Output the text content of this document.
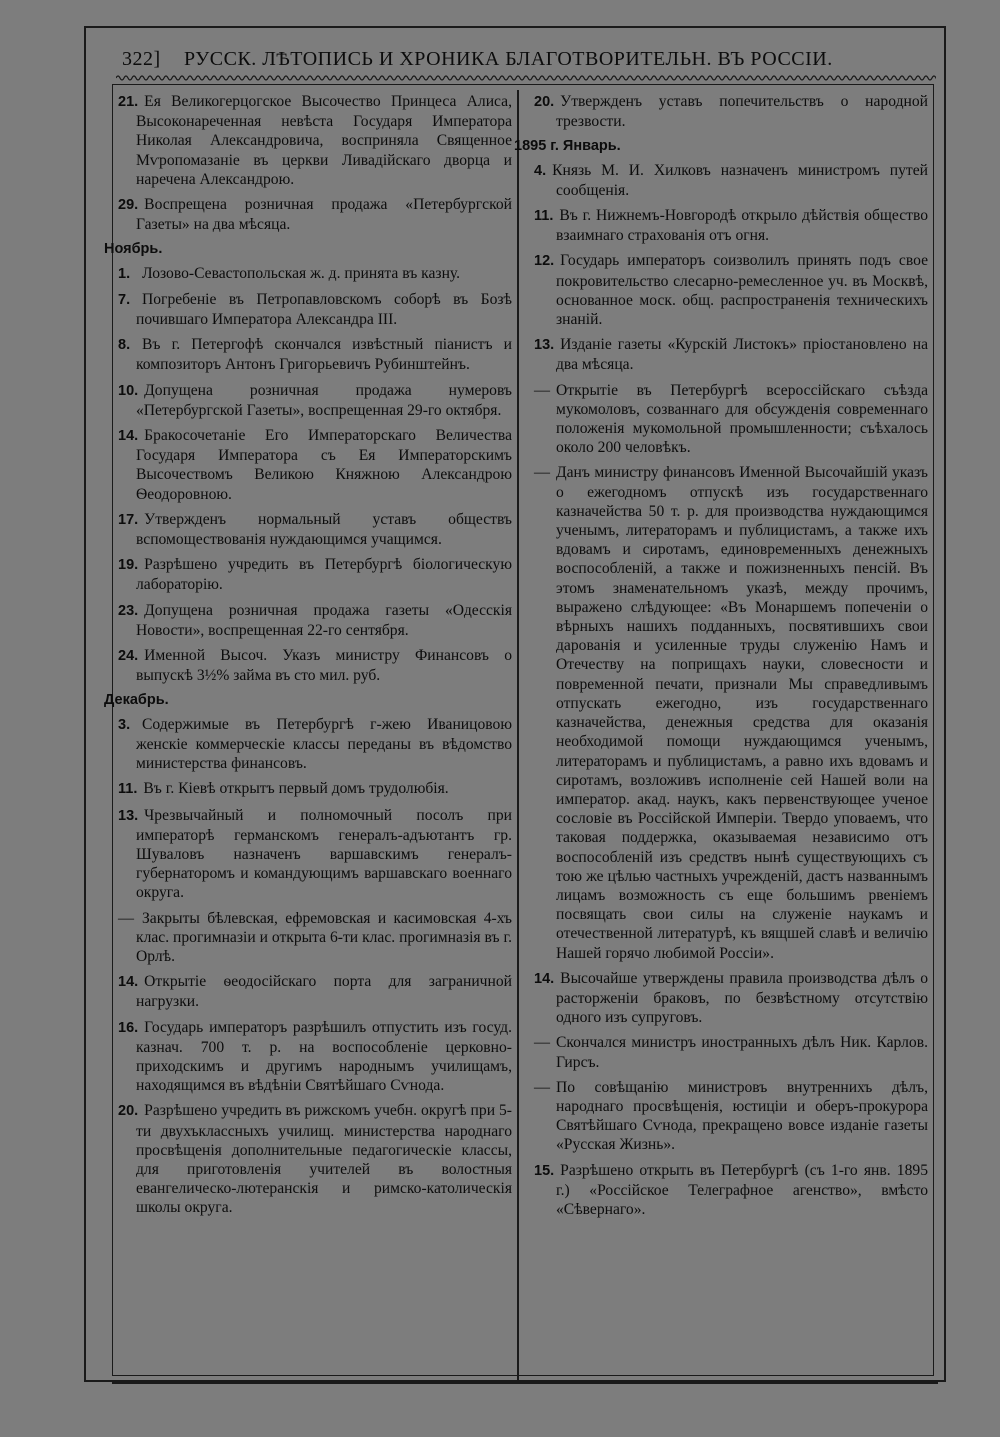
322] РУССК. ЛѢТОПИСЬ И ХРОНИКА БЛАГОТВОРИТЕЛЬН. ВЪ РОССІИ.
21. Ея Великогерцогское Высочество Принцеса Алиса, Высоконареченная невѣста Государя Императора Николая Александровича, восприняла Священное Мѵропомазаніе въ церкви Ливадійскаго дворца и наречена Александрою.
29. Воспрещена розничная продажа «Петербургской Газеты» на два мѣсяца.
Ноябрь.
1. Лозово-Севастопольская ж. д. принята въ казну.
7. Погребеніе въ Петропавловскомъ соборѣ въ Бозѣ почившаго Императора Александра III.
8. Въ г. Петергофѣ скончался извѣстный піанистъ и композиторъ Антонъ Григорьевичъ Рубинштейнъ.
10. Допущена розничная продажа нумеровъ «Петербургской Газеты», воспрещенная 29-го октября.
14. Бракосочетаніе Его Императорскаго Величества Государя Императора съ Ея Императорскимъ Высочествомъ Великою Княжною Александрою Ѳеодоровною.
17. Утвержденъ нормальный уставъ обществъ вспомоществованія нуждающимся учащимся.
19. Разрѣшено учредить въ Петербургѣ біологическую лабораторію.
23. Допущена розничная продажа газеты «Одесскія Новости», воспрещенная 22-го сентября.
24. Именной Высоч. Указъ министру Финансовъ о выпускѣ 3½% займа въ сто мил. руб.
Декабрь.
3. Содержимые въ Петербургѣ г-жею Иваницовою женскіе коммерческіе классы переданы въ вѣдомство министерства финансовъ.
11. Въ г. Кіевѣ открытъ первый домъ трудолюбія.
13. Чрезвычайный и полномочный посолъ при императорѣ германскомъ генералъ-адъютантъ гр. Шуваловъ назначенъ варшавскимъ генералъ-губернаторомъ и командующимъ варшавскаго военнаго округа.
— Закрыты бѣлевская, ефремовская и касимовская 4-хъ клас. прогимназіи и открыта 6-ти клас. прогимназія въ г. Орлѣ.
14. Открытіе ѳеодосійскаго порта для заграничной нагрузки.
16. Государь императоръ разрѣшилъ отпустить изъ госуд. казнач. 700 т. р. на воспособленіе церковно-приходскимъ и другимъ народнымъ училищамъ, находящимся въ вѣдѣніи Святѣйшаго Сѵнода.
20. Разрѣшено учредить въ рижскомъ учебн. округѣ при 5-ти двухъклассныхъ училищ. министерства народнаго просвѣщенія дополнительные педагогическіе классы, для приготовленія учителей въ волостныя евангелическо-лютеранскія и римско-католическія школы округа.
20. Утвержденъ уставъ попечительствъ о народной трезвости.
1895 г. Январь.
4. Князь М. И. Хилковъ назначенъ министромъ путей сообщенія.
11. Въ г. Нижнемъ-Новгородѣ открыло дѣйствія общество взаимнаго страхованія отъ огня.
12. Государь императоръ соизволилъ принять подъ свое покровительство слесарно-ремесленное уч. въ Москвѣ, основанное моск. общ. распространенія техническихъ знаній.
13. Изданіе газеты «Курскій Листокъ» пріостановлено на два мѣсяца.
— Открытіе въ Петербургѣ всероссійскаго съѣзда мукомоловъ, созваннаго для обсужденія современнаго положенія мукомольной промышленности; съѣхалось около 200 человѣкъ.
— Данъ министру финансовъ Именной Высочайшій указъ о ежегодномъ отпускѣ изъ государственнаго казначейства 50 т. р. для производства нуждающимся ученымъ, литераторамъ и публицистамъ, а также ихъ вдовамъ и сиротамъ, единовременныхъ денежныхъ воспособленій, а также и пожизненныхъ пенсій. Въ этомъ знаменательномъ указѣ, между прочимъ, выражено слѣдующее: «Въ Монаршемъ попеченіи о вѣрныхъ нашихъ подданныхъ, посвятившихъ свои дарованія и усиленные труды служенію Намъ и Отечеству на поприщахъ науки, словесности и повременной печати, признали Мы справедливымъ отпускать ежегодно, изъ государственнаго казначейства, денежныя средства для оказанія необходимой помощи нуждающимся ученымъ, литераторамъ и публицистамъ, а равно ихъ вдовамъ и сиротамъ, возложивъ исполненіе сей Нашей воли на император. акад. наукъ, какъ первенствующее ученое сословіе въ Россійской Имперіи. Твердо уповаемъ, что таковая поддержка, оказываемая независимо отъ воспособленій изъ средствъ нынѣ существующихъ съ тою же цѣлью частныхъ учрежденій, дастъ названнымъ лицамъ возможность съ еще большимъ рвеніемъ посвящать свои силы на служеніе наукамъ и отечественной литературѣ, къ вящшей славѣ и величію Нашей горячо любимой Россіи».
14. Высочайше утверждены правила производства дѣлъ о расторженіи браковъ, по безвѣстному отсутствію одного изъ супруговъ.
— Скончался министръ иностранныхъ дѣлъ Ник. Карлов. Гирсъ.
— По совѣщанію министровъ внутреннихъ дѣлъ, народнаго просвѣщенія, юстиціи и оберъ-прокурора Святѣйшаго Сѵнода, прекращено вовсе изданіе газеты «Русская Жизнь».
15. Разрѣшено открыть въ Петербургѣ (съ 1-го янв. 1895 г.) «Россійское Телеграфное агенство», вмѣсто «Сѣвернаго».
